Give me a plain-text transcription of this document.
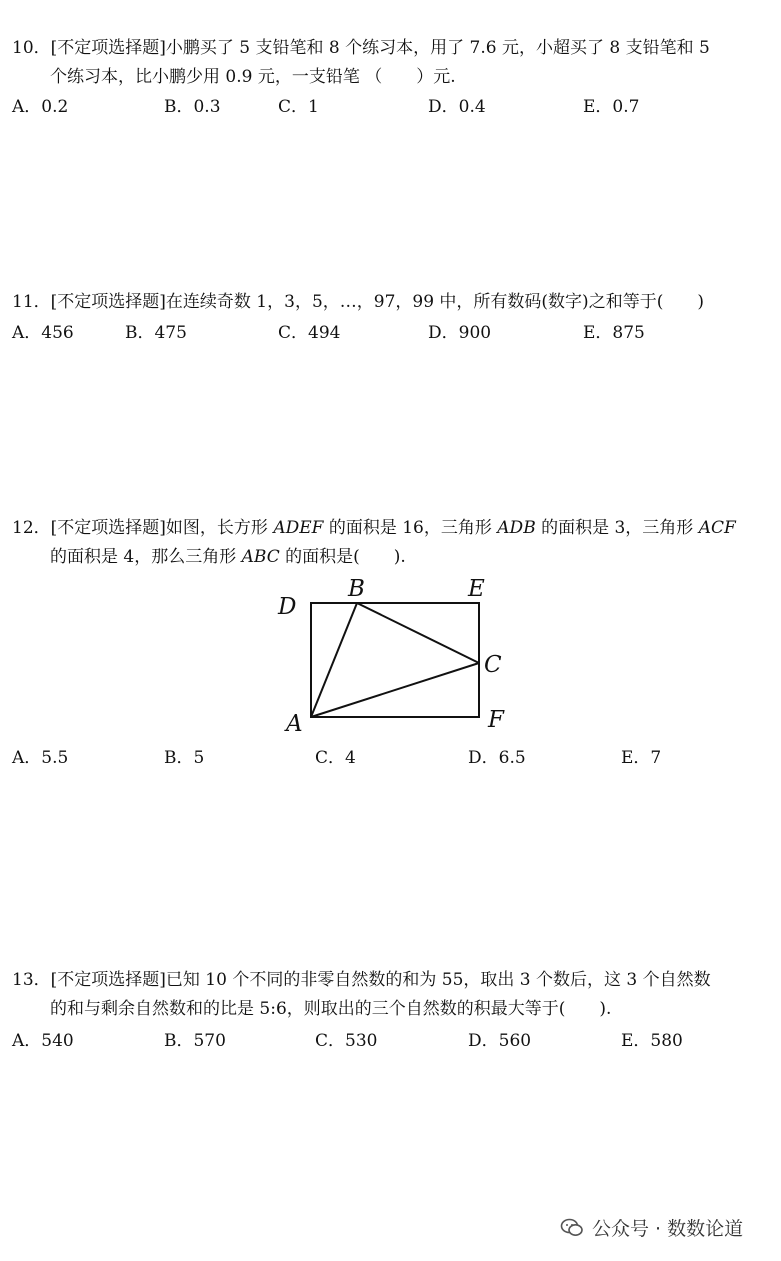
10．[不定项选择题]小鹏买了 5 支铅笔和 8 个练习本，用了 7.6 元，小超买了 8 支铅笔和 5
个练习本，比小鹏少用 0.9 元，一支铅笔 （　　）元.
A．0.2	B．0.3	C．1	D．0.4	E．0.7
11．[不定项选择题]在连续奇数 1，3，5，…，97，99 中，所有数码(数字)之和等于(　　)
A．456	B．475	C．494	D．900	E．875
12．[不定项选择题]如图，长方形 ADEF 的面积是 16，三角形 ADB 的面积是 3，三角形 ACF
的面积是 4，那么三角形 ABC 的面积是(　　).
D
B	E
C
A	F
A．5.5	B．5	C．4	D．6.5	E．7
13．[不定项选择题]已知 10 个不同的非零自然数的和为 55，取出 3 个数后，这 3 个自然数
的和与剩余自然数和的比是 5:6，则取出的三个自然数的积最大等于(　　).
A．540	B．570	C．530	D．560	E．580
公众号 · 数数论道
